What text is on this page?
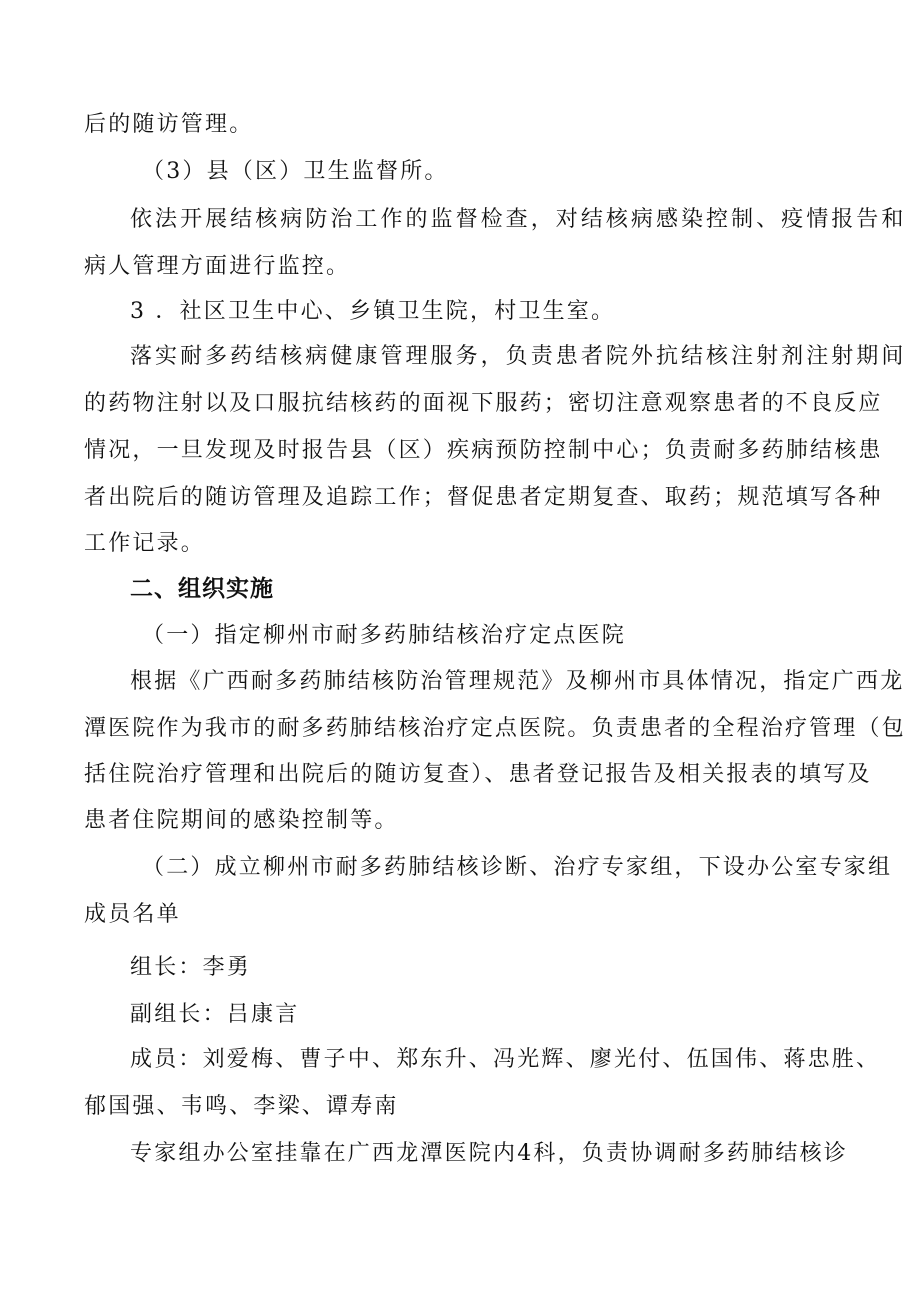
后的随访管理。
（3）县（区）卫生监督所。
依法开展结核病防治工作的监督检查，对结核病感染控制、疫情报告和
病人管理方面进行监控。
3 ．社区卫生中心、乡镇卫生院，村卫生室。
落实耐多药结核病健康管理服务，负责患者院外抗结核注射剂注射期间
的药物注射以及口服抗结核药的面视下服药；密切注意观察患者的不良反应
情况，一旦发现及时报告县（区）疾病预防控制中心；负责耐多药肺结核患
者出院后的随访管理及追踪工作；督促患者定期复查、取药；规范填写各种
工作记录。
二、组织实施
（一）指定柳州市耐多药肺结核治疗定点医院
根据《广西耐多药肺结核防治管理规范》及柳州市具体情况，指定广西龙
潭医院作为我市的耐多药肺结核治疗定点医院。负责患者的全程治疗管理（包
括住院治疗管理和出院后的随访复查）、患者登记报告及相关报表的填写及
患者住院期间的感染控制等。
（二）成立柳州市耐多药肺结核诊断、治疗专家组，下设办公室专家组
成员名单
组长：李勇
副组长：吕康言
成员：刘爱梅、曹子中、郑东升、冯光辉、廖光付、伍国伟、蒋忠胜、
郁国强、韦鸣、李梁、谭寿南
专家组办公室挂靠在广西龙潭医院内4科，负责协调耐多药肺结核诊
